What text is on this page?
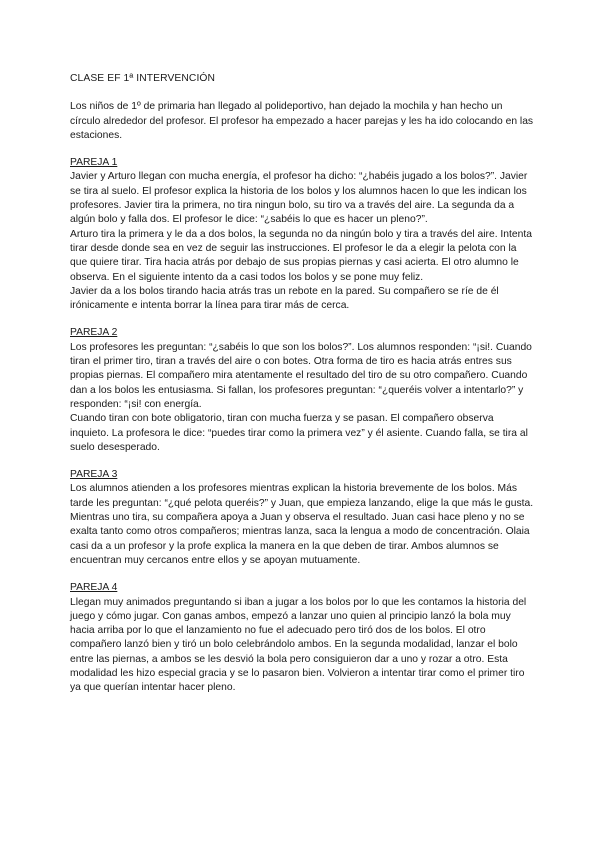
CLASE EF 1ª INTERVENCIÓN

Los niños de 1º de primaria han llegado al polideportivo, han dejado la mochila y han hecho un círculo alrededor del profesor. El profesor ha empezado a hacer parejas y les ha ido colocando en las estaciones.

PAREJA 1

Javier y Arturo llegan con mucha energía, el profesor ha dicho: “¿habéis jugado a los bolos?”. Javier se tira al suelo. El profesor explica la historia de los bolos y los alumnos hacen lo que les indican los profesores. Javier tira la primera, no tira ningun bolo, su tiro va a través del aire. La segunda da a algún bolo y falla dos. El profesor le dice: “¿sabéis lo que es hacer un pleno?”.

Arturo tira la primera y le da a dos bolos, la segunda no da ningún bolo y tira a través del aire. Intenta tirar desde donde sea en vez de seguir las instrucciones. El profesor le da a elegir la pelota con la que quiere tirar. Tira hacia atrás por debajo de sus propias piernas y casi acierta. El otro alumno le observa. En el siguiente intento da a casi todos los bolos y se pone muy feliz.

Javier da a los bolos tirando hacia atrás tras un rebote en la pared. Su compañero se ríe de él irónicamente e intenta borrar la línea para tirar más de cerca.

PAREJA 2

Los profesores les preguntan: “¿sabéis lo que son los bolos?”. Los alumnos responden: “¡si!. Cuando tiran el primer tiro, tiran a través del aire o con botes. Otra forma de tiro es hacia atrás entres sus propias piernas. El compañero mira atentamente el resultado del tiro de su otro compañero. Cuando dan a los bolos les entusiasma. Si fallan, los profesores preguntan: “¿queréis volver a intentarlo?” y responden: “¡si! con energía.

Cuando tiran con bote obligatorio, tiran con mucha fuerza y se pasan. El compañero observa inquieto. La profesora le dice: “puedes tirar como la primera vez” y él asiente. Cuando falla, se tira al suelo desesperado.

PAREJA 3

Los alumnos atienden a los profesores mientras explican la historia brevemente de los bolos. Más tarde les preguntan: “¿qué pelota queréis?” y Juan, que empieza lanzando, elige la que más le gusta. Mientras uno tira, su compañera apoya a Juan y observa el resultado. Juan casi hace pleno y no se exalta tanto como otros compañeros; mientras lanza, saca la lengua a modo de concentración. Olaia casi da a un profesor y la profe explica la manera en la que deben de tirar. Ambos alumnos se encuentran muy cercanos entre ellos y se apoyan mutuamente.

PAREJA 4

Llegan muy animados preguntando si iban a jugar a los bolos por lo que les contamos la historia del juego y cómo jugar. Con ganas ambos, empezó a lanzar uno quien al principio lanzó la bola muy hacia arriba por lo que el lanzamiento no fue el adecuado pero tiró dos de los bolos. El otro compañero lanzó bien y tiró un bolo celebrándolo ambos. En la segunda modalidad, lanzar el bolo entre las piernas, a ambos se les desvió la bola pero consiguieron dar a uno y rozar a otro. Esta modalidad les hizo especial gracia y se lo pasaron bien. Volvieron a intentar tirar como el primer tiro ya que querían intentar hacer pleno.
